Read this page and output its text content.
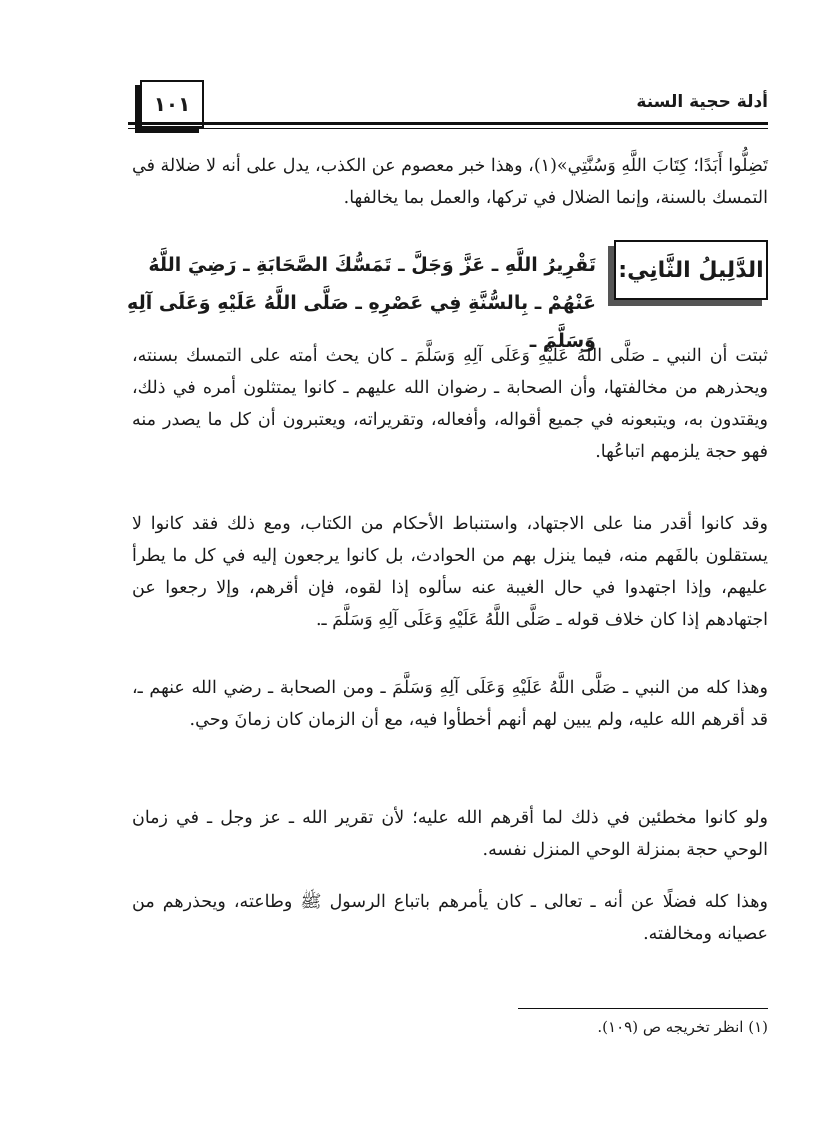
أدلة حجية السنة
١٠١

تَضِلُّوا أَبَدًا؛ كِتَابَ اللَّهِ وَسُنَّتِي»(١)، وهذا خبر معصوم عن الكذب، يدل على أنه لا ضلالة في التمسك بالسنة، وإنما الضلال في تركها، والعمل بما يخالفها.

الدَّلِيلُ الثَّانِي:

تَقْرِيرُ اللَّهِ ـ عَزَّ وَجَلَّ ـ تَمَسُّكَ الصَّحَابَةِ ـ رَضِيَ اللَّهُ عَنْهُمْ ـ بِالسُّنَّةِ فِي عَصْرِهِ ـ صَلَّى اللَّهُ عَلَيْهِ وَعَلَى آلِهِ وَسَلَّمَ ـ

ثبتت أن النبي ـ صَلَّى اللَّهُ عَلَيْهِ وَعَلَى آلِهِ وَسَلَّمَ ـ كان يحث أمته على التمسك بسنته، ويحذرهم من مخالفتها، وأن الصحابة ـ رضوان الله عليهم ـ كانوا يمتثلون أمره في ذلك، ويقتدون به، ويتبعونه في جميع أقواله، وأفعاله، وتقريراته، ويعتبرون أن كل ما يصدر منه فهو حجة يلزمهم اتباعُها.

وقد كانوا أقدر منا على الاجتهاد، واستنباط الأحكام من الكتاب، ومع ذلك فقد كانوا لا يستقلون بالفَهم منه، فيما ينزل بهم من الحوادث، بل كانوا يرجعون إليه في كل ما يطرأ عليهم، وإذا اجتهدوا في حال الغيبة عنه سألوه إذا لقوه، فإن أقرهم، وإلا رجعوا عن اجتهادهم إذا كان خلاف قوله ـ صَلَّى اللَّهُ عَلَيْهِ وَعَلَى آلِهِ وَسَلَّمَ ـ.

وهذا كله من النبي ـ صَلَّى اللَّهُ عَلَيْهِ وَعَلَى آلِهِ وَسَلَّمَ ـ ومن الصحابة ـ رضي الله عنهم ـ، قد أقرهم الله عليه، ولم يبين لهم أنهم أخطأوا فيه، مع أن الزمان كان زمانَ وحي.

ولو كانوا مخطئين في ذلك لما أقرهم الله عليه؛ لأن تقرير الله ـ عز وجل ـ في زمان الوحي حجة بمنزلة الوحي المنزل نفسه.

وهذا كله فضلًا عن أنه ـ تعالى ـ كان يأمرهم باتباع الرسول ﷺ وطاعته، ويحذرهم من عصيانه ومخالفته.

(١) انظر تخريجه ص (١٠٩).
